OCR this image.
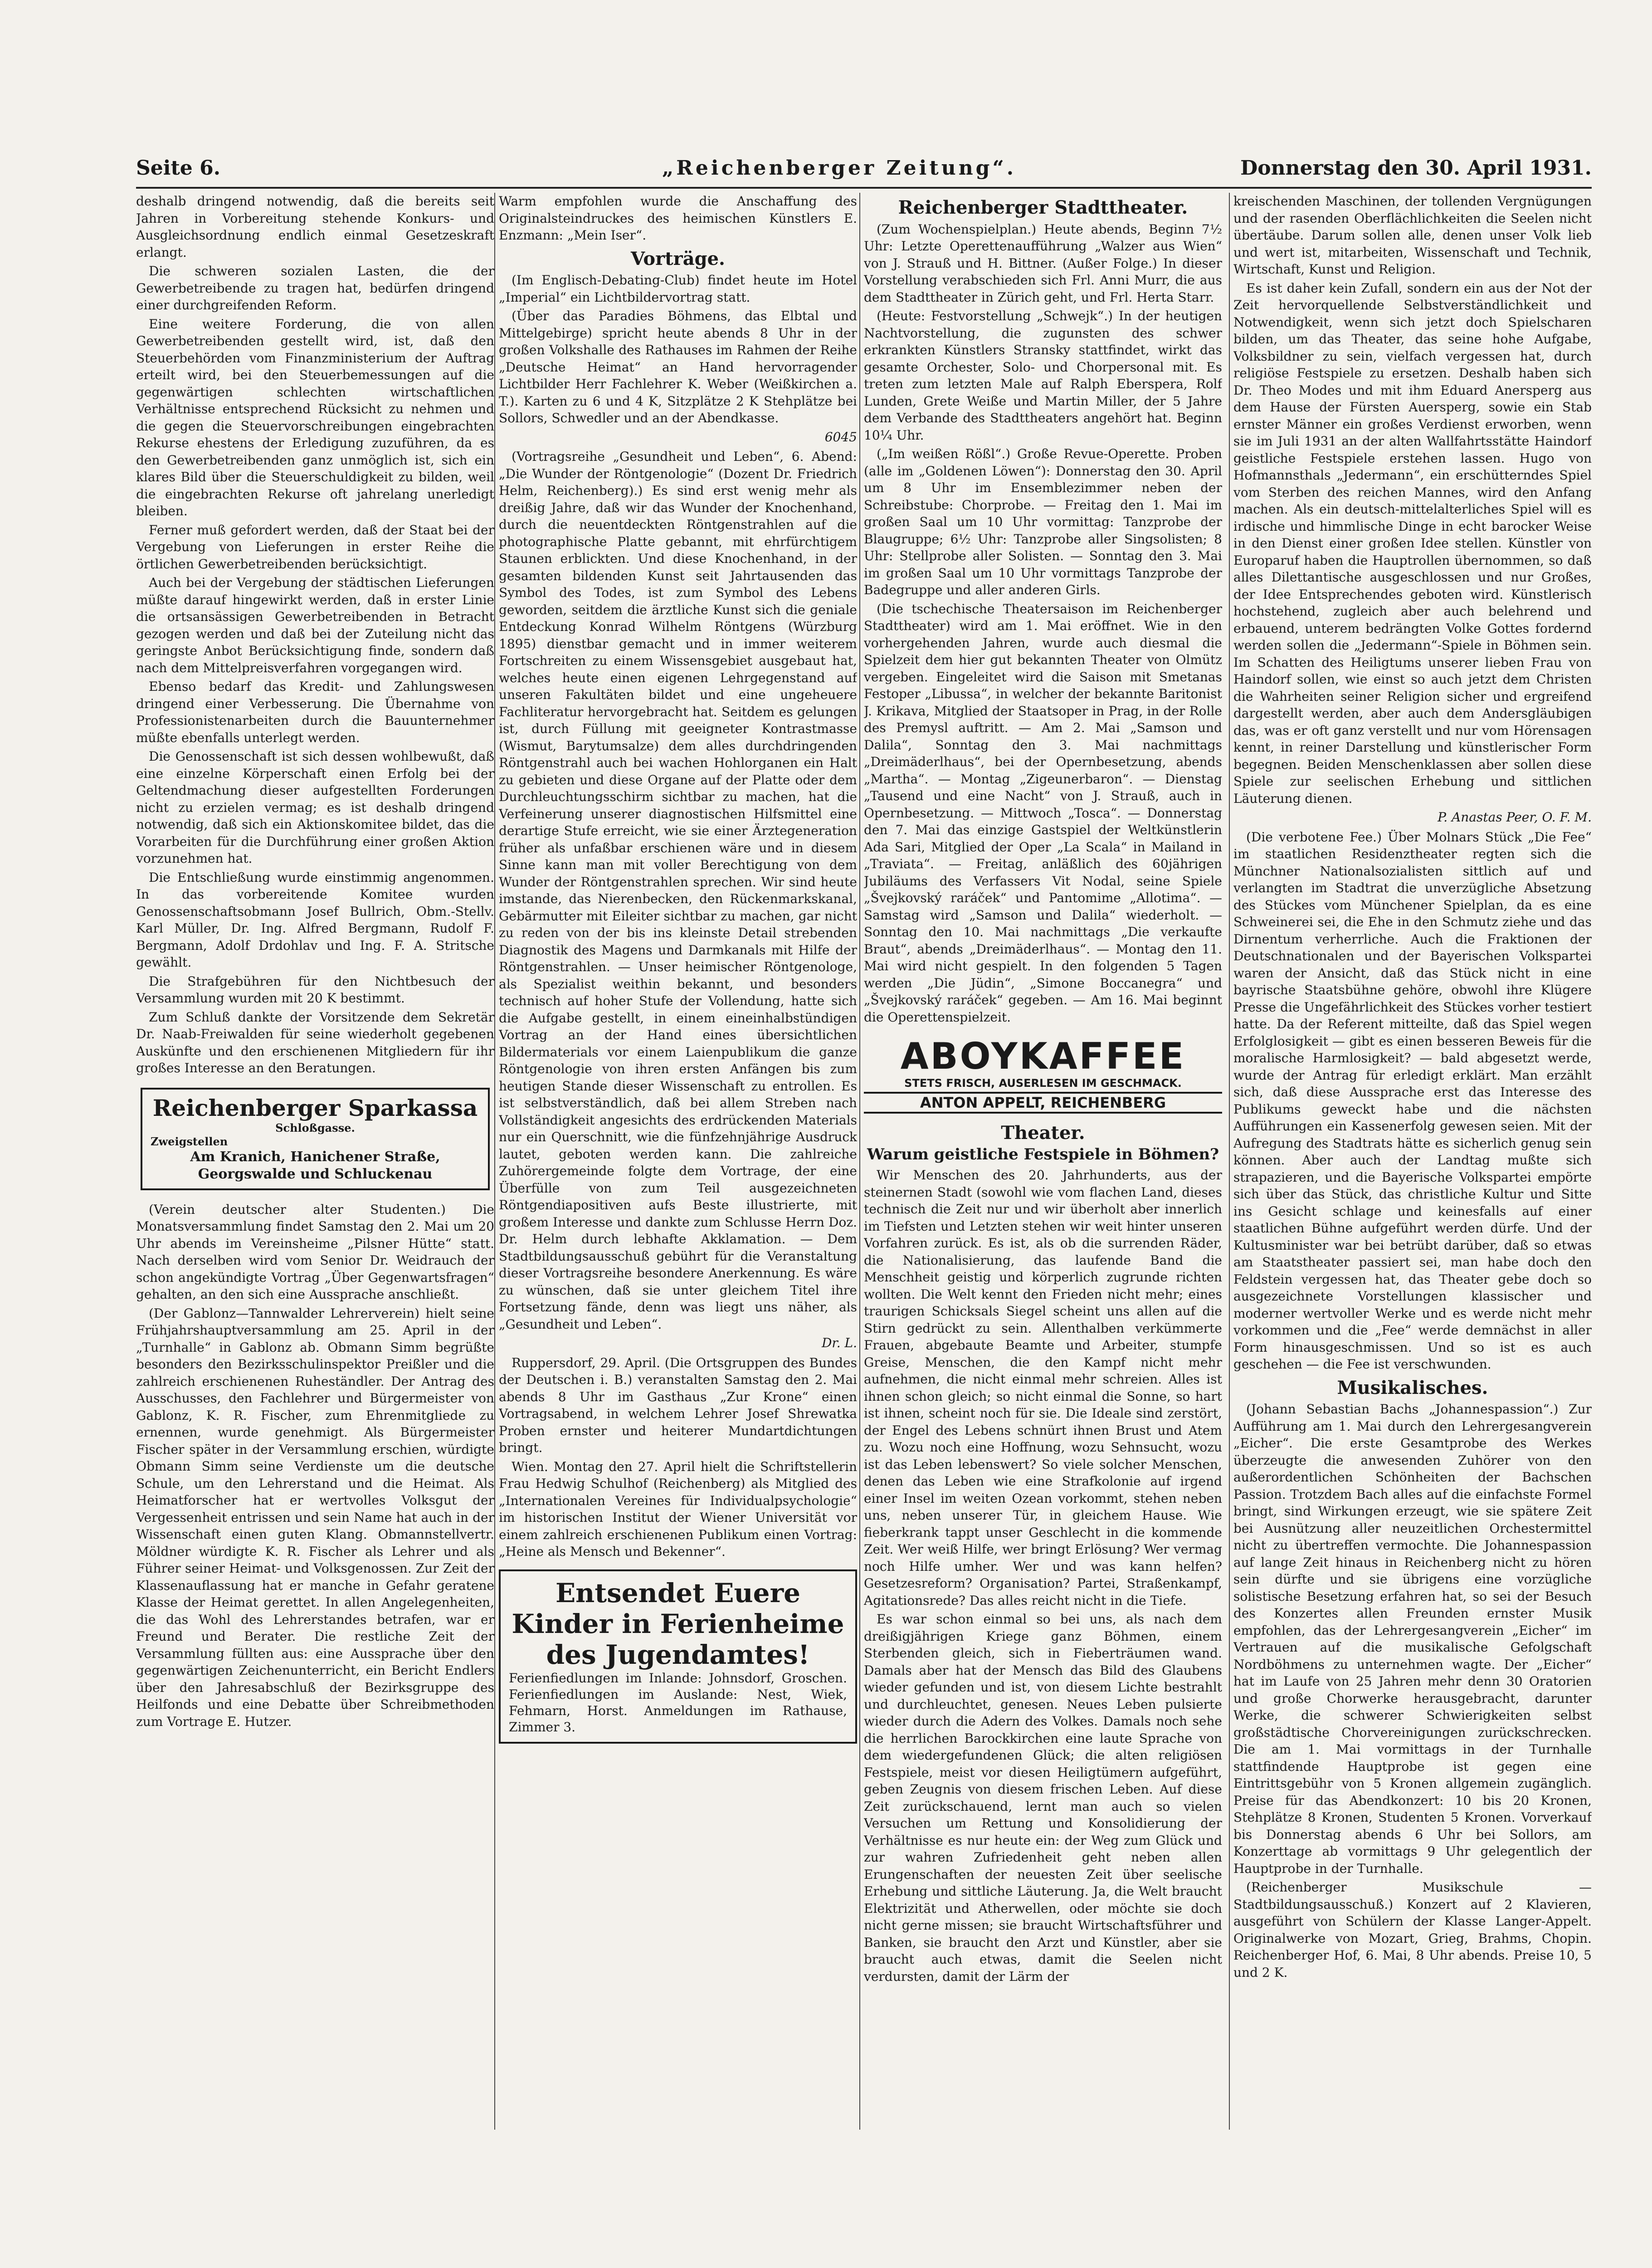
Seite 6.	„Reichenberger Zeitung“.	Donnerstag den 30. April 1931.

deshalb dringend notwendig, daß die bereits seit Jahren in Vorbereitung stehende Konkurs- und Ausgleichsordnung endlich einmal Gesetzeskraft erlangt.

Die schweren sozialen Lasten, die der Gewerbetreibende zu tragen hat, bedürfen dringend einer durchgreifenden Reform.

Eine weitere Forderung, die von allen Gewerbetreibenden gestellt wird, ist, daß den Steuerbehörden vom Finanzministerium der Auftrag erteilt wird, bei den Steuerbemessungen auf die gegenwärtigen schlechten wirtschaftlichen Verhältnisse entsprechend Rücksicht zu nehmen und die gegen die Steuervorschreibungen eingebrachten Rekurse ehestens der Erledigung zuzuführen, da es den Gewerbetreibenden ganz unmöglich ist, sich ein klares Bild über die Steuerschuldigkeit zu bilden, weil die eingebrachten Rekurse oft jahrelang unerledigt bleiben.

Ferner muß gefordert werden, daß der Staat bei der Vergebung von Lieferungen in erster Reihe die örtlichen Gewerbetreibenden berücksichtigt.

Auch bei der Vergebung der städtischen Lieferungen müßte darauf hingewirkt werden, daß in erster Linie die ortsansässigen Gewerbetreibenden in Betracht gezogen werden und daß bei der Zuteilung nicht das geringste Anbot Berücksichtigung finde, sondern daß nach dem Mittelpreisverfahren vorgegangen wird.

Ebenso bedarf das Kredit- und Zahlungswesen dringend einer Verbesserung. Die Übernahme von Professionistenarbeiten durch die Bauunternehmer müßte ebenfalls unterlegt werden.

Die Genossenschaft ist sich dessen wohlbewußt, daß eine einzelne Körperschaft einen Erfolg bei der Geltendmachung dieser aufgestellten Forderungen nicht zu erzielen vermag; es ist deshalb dringend notwendig, daß sich ein Aktionskomitee bildet, das die Vorarbeiten für die Durchführung einer großen Aktion vorzunehmen hat.

Die Entschließung wurde einstimmig angenommen. In das vorbereitende Komitee wurden Genossenschaftsobmann Josef Bullrich, Obm.-Stellv. Karl Müller, Dr. Ing. Alfred Bergmann, Rudolf F. Bergmann, Adolf Drdohlav und Ing. F. A. Stritsche gewählt.

Die Strafgebühren für den Nichtbesuch der Versammlung wurden mit 20 K bestimmt.

Zum Schluß dankte der Vorsitzende dem Sekretär Dr. Naab-Freiwalden für seine wiederholt gegebenen Auskünfte und den erschienenen Mitgliedern für ihr großes Interesse an den Beratungen.

Reichenberger Sparkassa
Schloßgasse.
Zweigstellen
Am Kranich, Hanichener Straße, Georgswalde und Schluckenau

(Verein deutscher alter Studenten.) Die Monatsversammlung findet Samstag den 2. Mai um 20 Uhr abends im Vereinsheime „Pilsner Hütte“ statt. Nach derselben wird vom Senior Dr. Weidrauch der schon angekündigte Vortrag „Über Gegenwartsfragen“ gehalten, an den sich eine Aussprache anschließt.

(Der Gablonz—Tannwalder Lehrerverein) hielt seine Frühjahrshauptversammlung am 25. April in der „Turnhalle“ in Gablonz ab. Obmann Simm begrüßte besonders den Bezirksschulinspektor Preißler und die zahlreich erschienenen Ruheständler. Der Antrag des Ausschusses, den Fachlehrer und Bürgermeister von Gablonz, K. R. Fischer, zum Ehrenmitgliede zu ernennen, wurde genehmigt. Als Bürgermeister Fischer später in der Versammlung erschien, würdigte Obmann Simm seine Verdienste um die deutsche Schule, um den Lehrerstand und die Heimat. Als Heimatforscher hat er wertvolles Volksgut der Vergessenheit entrissen und sein Name hat auch in der Wissenschaft einen guten Klang. Obmannstellvertr. Möldner würdigte K. R. Fischer als Lehrer und als Führer seiner Heimat- und Volksgenossen. Zur Zeit der Klassenauflassung hat er manche in Gefahr geratene Klasse der Heimat gerettet. In allen Angelegenheiten, die das Wohl des Lehrerstandes betrafen, war er Freund und Berater. Die restliche Zeit der Versammlung füllten aus: eine Aussprache über den gegenwärtigen Zeichenunterricht, ein Bericht Endlers über den Jahresabschluß der Bezirksgruppe des Heilfonds und eine Debatte über Schreibmethoden zum Vortrage E. Hutzer.

Warm empfohlen wurde die Anschaffung des Originalsteindruckes des heimischen Künstlers E. Enzmann: „Mein Iser“.

Vorträge.

(Im Englisch-Debating-Club) findet heute im Hotel „Imperial“ ein Lichtbildervortrag statt.

(Über das Paradies Böhmens, das Elbtal und Mittelgebirge) spricht heute abends 8 Uhr in der großen Volkshalle des Rathauses im Rahmen der Reihe „Deutsche Heimat“ an Hand hervorragender Lichtbilder Herr Fachlehrer K. Weber (Weißkirchen a. T.). Karten zu 6 und 4 K, Sitzplätze 2 K Stehplätze bei Sollors, Schwedler und an der Abendkasse.

6045

(Vortragsreihe „Gesundheit und Leben“, 6. Abend: „Die Wunder der Röntgenologie“ (Dozent Dr. Friedrich Helm, Reichenberg).) Es sind erst wenig mehr als dreißig Jahre, daß wir das Wunder der Knochenhand, durch die neuentdeckten Röntgenstrahlen auf die photographische Platte gebannt, mit ehrfürchtigem Staunen erblickten. Und diese Knochenhand, in der gesamten bildenden Kunst seit Jahrtausenden das Symbol des Todes, ist zum Symbol des Lebens geworden, seitdem die ärztliche Kunst sich die geniale Entdeckung Konrad Wilhelm Röntgens (Würzburg 1895) dienstbar gemacht und in immer weiterem Fortschreiten zu einem Wissensgebiet ausgebaut hat, welches heute einen eigenen Lehrgegenstand auf unseren Fakultäten bildet und eine ungeheuere Fachliteratur hervorgebracht hat. Seitdem es gelungen ist, durch Füllung mit geeigneter Kontrastmasse (Wismut, Barytumsalze) dem alles durchdringenden Röntgenstrahl auch bei wachen Hohlorganen ein Halt zu gebieten und diese Organe auf der Platte oder dem Durchleuchtungsschirm sichtbar zu machen, hat die Verfeinerung unserer diagnostischen Hilfsmittel eine derartige Stufe erreicht, wie sie einer Ärztegeneration früher als unfaßbar erschienen wäre und in diesem Sinne kann man mit voller Berechtigung von dem Wunder der Röntgenstrahlen sprechen. Wir sind heute imstande, das Nierenbecken, den Rückenmarkskanal, Gebärmutter mit Eileiter sichtbar zu machen, gar nicht zu reden von der bis ins kleinste Detail strebenden Diagnostik des Magens und Darmkanals mit Hilfe der Röntgenstrahlen. — Unser heimischer Röntgenologe, als Spezialist weithin bekannt, und besonders technisch auf hoher Stufe der Vollendung, hatte sich die Aufgabe gestellt, in einem eineinhalbstündigen Vortrag an der Hand eines übersichtlichen Bildermaterials vor einem Laienpublikum die ganze Röntgenologie von ihren ersten Anfängen bis zum heutigen Stande dieser Wissenschaft zu entrollen. Es ist selbstverständlich, daß bei allem Streben nach Vollständigkeit angesichts des erdrückenden Materials nur ein Querschnitt, wie die fünfzehnjährige Ausdruck lautet, geboten werden kann. Die zahlreiche Zuhörergemeinde folgte dem Vortrage, der eine Überfülle von zum Teil ausgezeichneten Röntgendiapositiven aufs Beste illustrierte, mit großem Interesse und dankte zum Schlusse Herrn Doz. Dr. Helm durch lebhafte Akklamation. — Dem Stadtbildungsausschuß gebührt für die Veranstaltung dieser Vortragsreihe besondere Anerkennung. Es wäre zu wünschen, daß sie unter gleichem Titel ihre Fortsetzung fände, denn was liegt uns näher, als „Gesundheit und Leben“.

Dr. L.

Ruppersdorf, 29. April. (Die Ortsgruppen des Bundes der Deutschen i. B.) veranstalten Samstag den 2. Mai abends 8 Uhr im Gasthaus „Zur Krone“ einen Vortragsabend, in welchem Lehrer Josef Shrewatka Proben ernster und heiterer Mundartdichtungen bringt.

Wien. Montag den 27. April hielt die Schriftstellerin Frau Hedwig Schulhof (Reichenberg) als Mitglied des „Internationalen Vereines für Individualpsychologie“ im historischen Institut der Wiener Universität vor einem zahlreich erschienenen Publikum einen Vortrag: „Heine als Mensch und Bekenner“.

Entsendet Euere Kinder in Ferienheime des Jugendamtes!
Ferienfiedlungen im Inlande: Johnsdorf, Groschen. Ferienfiedlungen im Auslande: Nest, Wiek, Fehmarn, Horst. Anmeldungen im Rathause, Zimmer 3.
Reichenberger Stadttheater.

(Zum Wochenspielplan.) Heute abends, Beginn 7½ Uhr: Letzte Operettenaufführung „Walzer aus Wien“ von J. Strauß und H. Bittner. (Außer Folge.) In dieser Vorstellung verabschieden sich Frl. Anni Murr, die aus dem Stadttheater in Zürich geht, und Frl. Herta Starr.

(Heute: Festvorstellung „Schwejk“.) In der heutigen Nachtvorstellung, die zugunsten des schwer erkrankten Künstlers Stransky stattfindet, wirkt das gesamte Orchester, Solo- und Chorpersonal mit. Es treten zum letzten Male auf Ralph Eberspera, Rolf Lunden, Grete Weiße und Martin Miller, der 5 Jahre dem Verbande des Stadttheaters angehört hat. Beginn 10¼ Uhr.

(„Im weißen Rößl“.) Große Revue-Operette. Proben (alle im „Goldenen Löwen“): Donnerstag den 30. April um 8 Uhr im Ensemblezimmer neben der Schreibstube: Chorprobe. — Freitag den 1. Mai im großen Saal um 10 Uhr vormittag: Tanzprobe der Blaugruppe; 6½ Uhr: Tanzprobe aller Singsolisten; 8 Uhr: Stellprobe aller Solisten. — Sonntag den 3. Mai im großen Saal um 10 Uhr vormittags Tanzprobe der Badegruppe und aller anderen Girls.

(Die tschechische Theatersaison im Reichenberger Stadttheater) wird am 1. Mai eröffnet. Wie in den vorhergehenden Jahren, wurde auch diesmal die Spielzeit dem hier gut bekannten Theater von Olmütz vergeben. Eingeleitet wird die Saison mit Smetanas Festoper „Libussa“, in welcher der bekannte Baritonist J. Krikava, Mitglied der Staatsoper in Prag, in der Rolle des Premysl auftritt. — Am 2. Mai „Samson und Dalila“, Sonntag den 3. Mai nachmittags „Dreimäderlhaus“, bei der Opernbesetzung, abends „Martha“. — Montag „Zigeunerbaron“. — Dienstag „Tausend und eine Nacht“ von J. Strauß, auch in Opernbesetzung. — Mittwoch „Tosca“. — Donnerstag den 7. Mai das einzige Gastspiel der Weltkünstlerin Ada Sari, Mitglied der Oper „La Scala“ in Mailand in „Traviata“. — Freitag, anläßlich des 60jährigen Jubiläums des Verfassers Vit Nodal, seine Spiele „Švejkovský raráček“ und Pantomime „Allotima“. — Samstag wird „Samson und Dalila“ wiederholt. — Sonntag den 10. Mai nachmittags „Die verkaufte Braut“, abends „Dreimäderlhaus“. — Montag den 11. Mai wird nicht gespielt. In den folgenden 5 Tagen werden „Die Jüdin“, „Simone Boccanegra“ und „Švejkovský raráček“ gegeben. — Am 16. Mai beginnt die Operettenspielzeit.

ABOYKAFFEE
STETS FRISCH, AUSERLESEN IM GESCHMACK.
ANTON APPELT, REICHENBERG
Theater.
Warum geistliche Festspiele in Böhmen?

Wir Menschen des 20. Jahrhunderts, aus der steinernen Stadt (sowohl wie vom flachen Land, dieses technisch die Zeit nur und wir überholt aber innerlich im Tiefsten und Letzten stehen wir weit hinter unseren Vorfahren zurück. Es ist, als ob die surrenden Räder, die Nationalisierung, das laufende Band die Menschheit geistig und körperlich zugrunde richten wollten. Die Welt kennt den Frieden nicht mehr; eines traurigen Schicksals Siegel scheint uns allen auf die Stirn gedrückt zu sein. Allenthalben verkümmerte Frauen, abgebaute Beamte und Arbeiter, stumpfe Greise, Menschen, die den Kampf nicht mehr aufnehmen, die nicht einmal mehr schreien. Alles ist ihnen schon gleich; so nicht einmal die Sonne, so hart ist ihnen, scheint noch für sie. Die Ideale sind zerstört, der Engel des Lebens schnürt ihnen Brust und Atem zu. Wozu noch eine Hoffnung, wozu Sehnsucht, wozu ist das Leben lebenswert? So viele solcher Menschen, denen das Leben wie eine Strafkolonie auf irgend einer Insel im weiten Ozean vorkommt, stehen neben uns, neben unserer Tür, in gleichem Hause. Wie fieberkrank tappt unser Geschlecht in die kommende Zeit. Wer weiß Hilfe, wer bringt Erlösung? Wer vermag noch Hilfe umher. Wer und was kann helfen? Gesetzesreform? Organisation? Partei, Straßenkampf, Agitationsrede? Das alles reicht nicht in die Tiefe.

Es war schon einmal so bei uns, als nach dem dreißigjährigen Kriege ganz Böhmen, einem Sterbenden gleich, sich in Fieberträumen wand. Damals aber hat der Mensch das Bild des Glaubens wieder gefunden und ist, von diesem Lichte bestrahlt und durchleuchtet, genesen. Neues Leben pulsierte wieder durch die Adern des Volkes. Damals noch sehe die herrlichen Barockkirchen eine laute Sprache von dem wiedergefundenen Glück; die alten religiösen Festspiele, meist vor diesen Heiligtümern aufgeführt, geben Zeugnis von diesem frischen Leben. Auf diese Zeit zurückschauend, lernt man auch so vielen Versuchen um Rettung und Konsolidierung der Verhältnisse es nur heute ein: der Weg zum Glück und zur wahren Zufriedenheit geht neben allen Erungenschaften der neuesten Zeit über seelische Erhebung und sittliche Läuterung. Ja, die Welt braucht Elektrizität und Atherwellen, oder möchte sie doch nicht gerne missen; sie braucht Wirtschaftsführer und Banken, sie braucht den Arzt und Künstler, aber sie braucht auch etwas, damit die Seelen nicht verdursten, damit der Lärm der

kreischenden Maschinen, der tollenden Vergnügungen und der rasenden Oberflächlichkeiten die Seelen nicht übertäube. Darum sollen alle, denen unser Volk lieb und wert ist, mitarbeiten, Wissenschaft und Technik, Wirtschaft, Kunst und Religion.

Es ist daher kein Zufall, sondern ein aus der Not der Zeit hervorquellende Selbstverständlichkeit und Notwendigkeit, wenn sich jetzt doch Spielscharen bilden, um das Theater, das seine hohe Aufgabe, Volksbildner zu sein, vielfach vergessen hat, durch religiöse Festspiele zu ersetzen. Deshalb haben sich Dr. Theo Modes und mit ihm Eduard Anersperg aus dem Hause der Fürsten Auersperg, sowie ein Stab ernster Männer ein großes Verdienst erworben, wenn sie im Juli 1931 an der alten Wallfahrtsstätte Haindorf geistliche Festspiele erstehen lassen. Hugo von Hofmannsthals „Jedermann“, ein erschütterndes Spiel vom Sterben des reichen Mannes, wird den Anfang machen. Als ein deutsch-mittelalterliches Spiel will es irdische und himmlische Dinge in echt barocker Weise in den Dienst einer großen Idee stellen. Künstler von Europaruf haben die Hauptrollen übernommen, so daß alles Dilettantische ausgeschlossen und nur Großes, der Idee Entsprechendes geboten wird. Künstlerisch hochstehend, zugleich aber auch belehrend und erbauend, unterem bedrängten Volke Gottes fordernd werden sollen die „Jedermann“-Spiele in Böhmen sein. Im Schatten des Heiligtums unserer lieben Frau von Haindorf sollen, wie einst so auch jetzt dem Christen die Wahrheiten seiner Religion sicher und ergreifend dargestellt werden, aber auch dem Andersgläubigen das, was er oft ganz verstellt und nur vom Hörensagen kennt, in reiner Darstellung und künstlerischer Form begegnen. Beiden Menschenklassen aber sollen diese Spiele zur seelischen Erhebung und sittlichen Läuterung dienen.

P. Anastas Peer, O. F. M.

(Die verbotene Fee.) Über Molnars Stück „Die Fee“ im staatlichen Residenztheater regten sich die Münchner Nationalsozialisten sittlich auf und verlangten im Stadtrat die unverzügliche Absetzung des Stückes vom Münchener Spielplan, da es eine Schweinerei sei, die Ehe in den Schmutz ziehe und das Dirnentum verherrliche. Auch die Fraktionen der Deutschnationalen und der Bayerischen Volkspartei waren der Ansicht, daß das Stück nicht in eine bayrische Staatsbühne gehöre, obwohl ihre Klügere Presse die Ungefährlichkeit des Stückes vorher testiert hatte. Da der Referent mitteilte, daß das Spiel wegen Erfolglosigkeit — gibt es einen besseren Beweis für die moralische Harmlosigkeit? — bald abgesetzt werde, wurde der Antrag für erledigt erklärt. Man erzählt sich, daß diese Aussprache erst das Interesse des Publikums geweckt habe und die nächsten Aufführungen ein Kassenerfolg gewesen seien. Mit der Aufregung des Stadtrats hätte es sicherlich genug sein können. Aber auch der Landtag mußte sich strapazieren, und die Bayerische Volkspartei empörte sich über das Stück, das christliche Kultur und Sitte ins Gesicht schlage und keinesfalls auf einer staatlichen Bühne aufgeführt werden dürfe. Und der Kultusminister war bei betrübt darüber, daß so etwas am Staatstheater passiert sei, man habe doch den Feldstein vergessen hat, das Theater gebe doch so ausgezeichnete Vorstellungen klassischer und moderner wertvoller Werke und es werde nicht mehr vorkommen und die „Fee“ werde demnächst in aller Form hinausgeschmissen. Und so ist es auch geschehen — die Fee ist verschwunden.

Musikalisches.

(Johann Sebastian Bachs „Johannespassion“.) Zur Aufführung am 1. Mai durch den Lehrergesangverein „Eicher“. Die erste Gesamtprobe des Werkes überzeugte die anwesenden Zuhörer von den außerordentlichen Schönheiten der Bachschen Passion. Trotzdem Bach alles auf die einfachste Formel bringt, sind Wirkungen erzeugt, wie sie spätere Zeit bei Ausnützung aller neuzeitlichen Orchestermittel nicht zu übertreffen vermochte. Die Johannespassion auf lange Zeit hinaus in Reichenberg nicht zu hören sein dürfte und sie übrigens eine vorzügliche solistische Besetzung erfahren hat, so sei der Besuch des Konzertes allen Freunden ernster Musik empfohlen, das der Lehrergesangverein „Eicher“ im Vertrauen auf die musikalische Gefolgschaft Nordböhmens zu unternehmen wagte. Der „Eicher“ hat im Laufe von 25 Jahren mehr denn 30 Oratorien und große Chorwerke herausgebracht, darunter Werke, die schwerer Schwierigkeiten selbst großstädtische Chorvereinigungen zurückschrecken. Die am 1. Mai vormittags in der Turnhalle stattfindende Hauptprobe ist gegen eine Eintrittsgebühr von 5 Kronen allgemein zugänglich. Preise für das Abendkonzert: 10 bis 20 Kronen, Stehplätze 8 Kronen, Studenten 5 Kronen. Vorverkauf bis Donnerstag abends 6 Uhr bei Sollors, am Konzerttage ab vormittags 9 Uhr gelegentlich der Hauptprobe in der Turnhalle.

(Reichenberger Musikschule — Stadtbildungsausschuß.) Konzert auf 2 Klavieren, ausgeführt von Schülern der Klasse Langer-Appelt. Originalwerke von Mozart, Grieg, Brahms, Chopin. Reichenberger Hof, 6. Mai, 8 Uhr abends. Preise 10, 5 und 2 K.
